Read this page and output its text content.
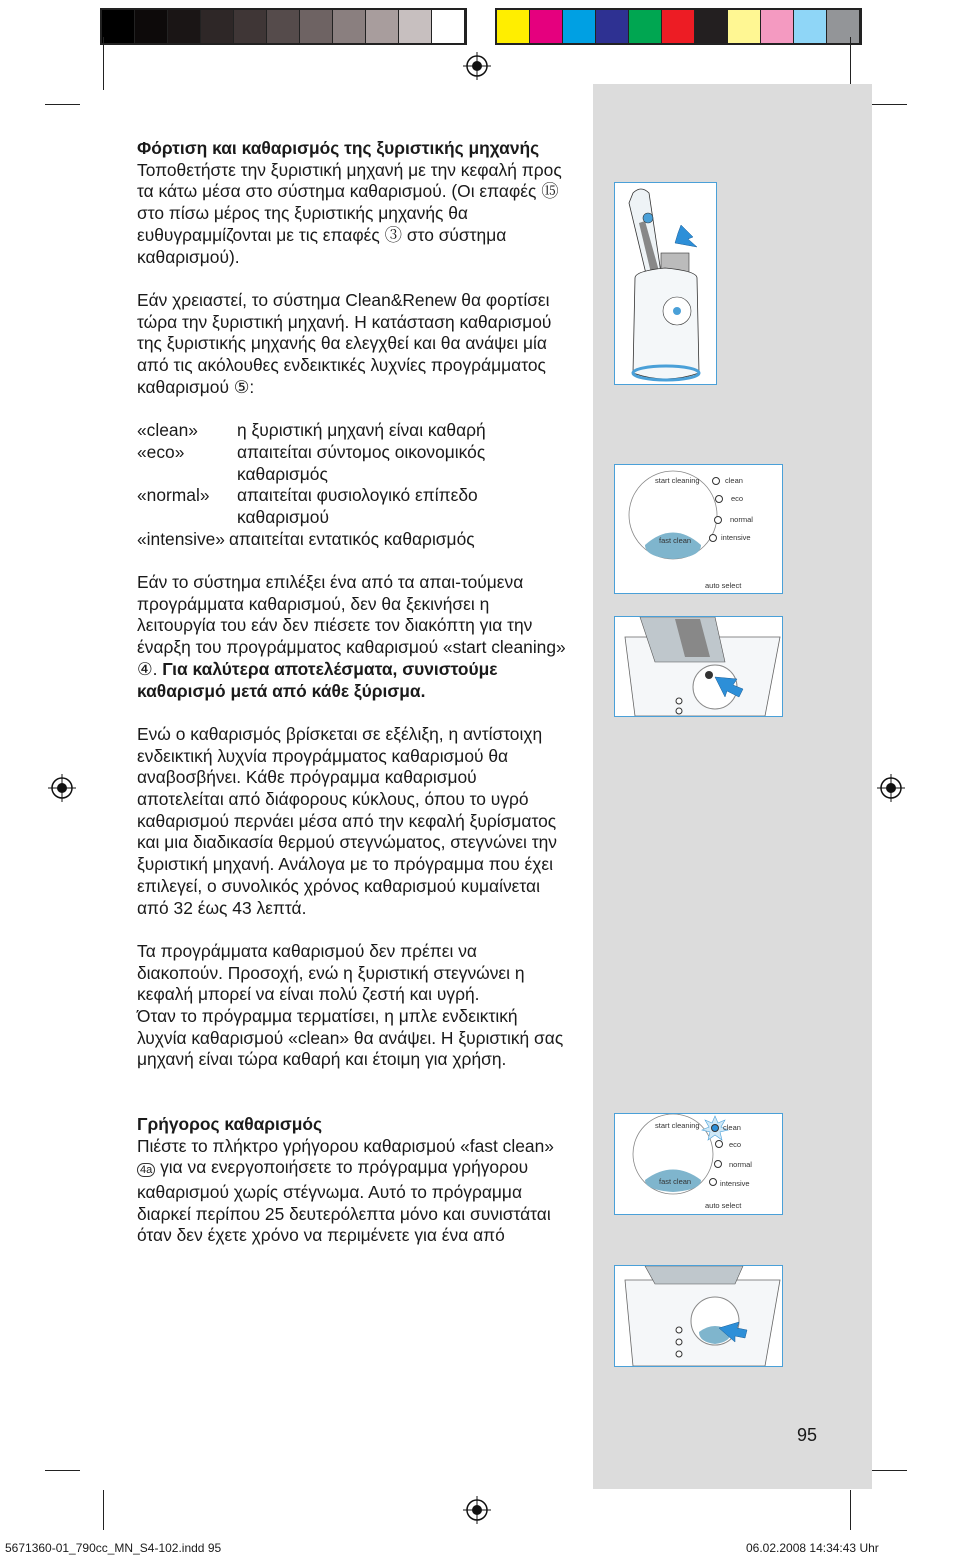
Φόρτιση και καθαρισμός της ξυριστικής μηχανής

Τοποθετήστε την ξυριστική μηχανή με την κεφαλή προς τα κάτω μέσα στο σύστημα καθαρισμού. (Οι επαφές ⑮ στο πίσω μέρος της ξυριστικής μηχανής θα ευθυγραμμίζονται με τις επαφές ③ στο σύστημα καθαρισμού).

Εάν χρειαστεί, το σύστημα Clean&Renew θα φορτίσει τώρα την ξυριστική μηχανή. Η κατάσταση καθαρισμού της ξυριστικής μηχανής θα ελεγχθεί και θα ανάψει μία από τις ακόλουθες ενδεικτικές λυχνίες προγράμματος καθαρισμού ⑤:

«clean»	η ξυριστική μηχανή είναι καθαρή
«eco»	απαιτείται σύντομος οικονομικός καθαρισμός
«normal»	απαιτείται φυσιολογικό επίπεδο καθαρισμού
«intensive» απαιτείται εντατικός καθαρισμός

Εάν το σύστημα επιλέξει ένα από τα απαι-τούμενα προγράμματα καθαρισμού, δεν θα ξεκινήσει η λειτουργία του εάν δεν πιέσετε τον διακόπτη για την έναρξη του προγράμματος καθαρισμού «start cleaning» ④. Για καλύτερα αποτελέσματα, συνιστούμε καθαρισμό μετά από κάθε ξύρισμα.

Ενώ ο καθαρισμός βρίσκεται σε εξέλιξη, η αντίστοιχη ενδεικτική λυχνία προγράμματος καθαρισμού θα αναβοσβήνει. Κάθε πρόγραμμα καθαρισμού αποτελείται από διάφορους κύκλους, όπου το υγρό καθαρισμού περνάει μέσα από την κεφαλή ξυρίσματος και μια διαδικασία θερμού στεγνώματος, στεγνώνει την ξυριστική μηχανή. Ανάλογα με το πρόγραμμα που έχει επιλεγεί, ο συνολικός χρόνος καθαρισμού κυμαίνεται από 32 έως 43 λεπτά.

Τα προγράμματα καθαρισμού δεν πρέπει να διακοπούν. Προσοχή, ενώ η ξυριστική στεγνώνει η κεφαλή μπορεί να είναι πολύ ζεστή και υγρή.

Όταν το πρόγραμμα τερματίσει, η μπλε ενδεικτική λυχνία καθαρισμού «clean» θα ανάψει. Η ξυριστική σας μηχανή είναι τώρα καθαρή και έτοιμη για χρήση.

Γρήγορος καθαρισμός

Πιέστε το πλήκτρο γρήγορου καθαρισμού «fast clean» 4a για να ενεργοποιήσετε το πρόγραμμα γρήγορου καθαρισμού χωρίς στέγνωμα. Αυτό το πρόγραμμα διαρκεί περίπου 25 δευτερόλεπτα μόνο και συνιστάται όταν δεν έχετε χρόνο να περιμένετε για ένα από

start cleaning
fast clean
clean
eco
normal
intensive
auto select
start cleaning
fast clean
clean
eco
normal
intensive
auto select
95
5671360-01_790cc_MN_S4-102.indd 95	06.02.2008 14:34:43 Uhr
